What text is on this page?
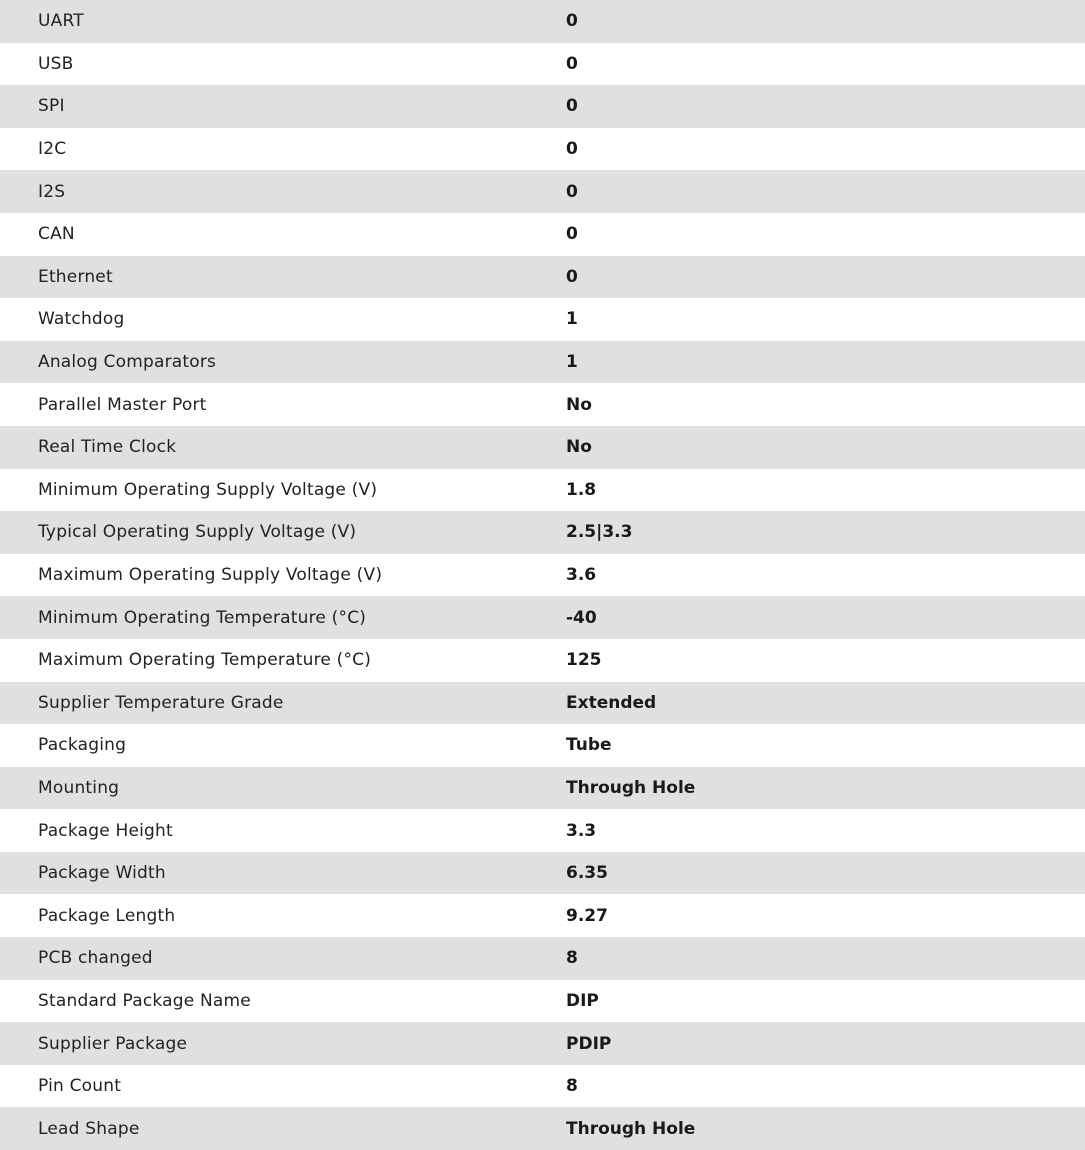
UART	0
USB	0
SPI	0
I2C	0
I2S	0
CAN	0
Ethernet	0
Watchdog	1
Analog Comparators	1
Parallel Master Port	No
Real Time Clock	No
Minimum Operating Supply Voltage (V)	1.8
Typical Operating Supply Voltage (V)	2.5|3.3
Maximum Operating Supply Voltage (V)	3.6
Minimum Operating Temperature (°C)	-40
Maximum Operating Temperature (°C)	125
Supplier Temperature Grade	Extended
Packaging	Tube
Mounting	Through Hole
Package Height	3.3
Package Width	6.35
Package Length	9.27
PCB changed	8
Standard Package Name	DIP
Supplier Package	PDIP
Pin Count	8
Lead Shape	Through Hole
